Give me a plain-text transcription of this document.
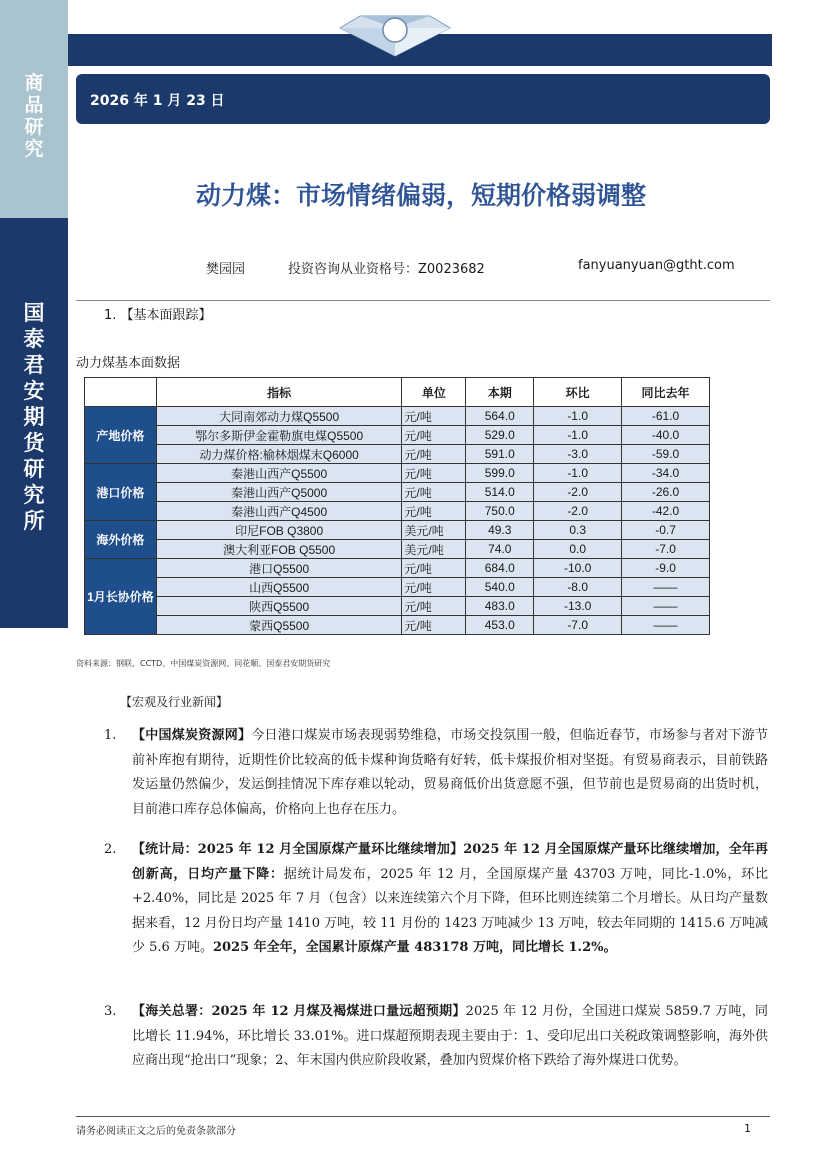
商
品
研
究
国
泰
君
安
期
货
研
究
所
2026 年 1 月 23 日
动力煤：市场情绪偏弱，短期价格弱调整
樊园园	投资咨询从业资格号：Z0023682	fanyuanyuan@gtht.com
1. 【基本面跟踪】
动力煤基本面数据
	指标	单位	本期	环比	同比去年
产地价格	大同南郊动力煤Q5500	元/吨	564.0	-1.0	-61.0
	鄂尔多斯伊金霍勒旗电煤Q5500	元/吨	529.0	-1.0	-40.0
	动力煤价格:榆林烟煤末Q6000	元/吨	591.0	-3.0	-59.0
港口价格	秦港山西产Q5500	元/吨	599.0	-1.0	-34.0
	秦港山西产Q5000	元/吨	514.0	-2.0	-26.0
	秦港山西产Q4500	元/吨	750.0	-2.0	-42.0
海外价格	印尼FOB Q3800	美元/吨	49.3	0.3	-0.7
	澳大利亚FOB Q5500	美元/吨	74.0	0.0	-7.0
1月长协价格	港口Q5500	元/吨	684.0	-10.0	-9.0
	山西Q5500	元/吨	540.0	-8.0	——
	陕西Q5500	元/吨	483.0	-13.0	——
	蒙西Q5500	元/吨	453.0	-7.0	——
资料来源：钢联、CCTD、中国煤炭资源网、同花顺、国泰君安期货研究
【宏观及行业新闻】
1. 【中国煤炭资源网】今日港口煤炭市场表现弱势维稳，市场交投氛围一般，但临近春节，市场参与者对下游节前补库抱有期待，近期性价比较高的低卡煤种询货略有好转，低卡煤报价相对坚挺。有贸易商表示，目前铁路发运量仍然偏少，发运倒挂情况下库存难以轮动，贸易商低价出货意愿不强，但节前也是贸易商的出货时机，目前港口库存总体偏高，价格向上也存在压力。
2. 【统计局：2025 年 12 月全国原煤产量环比继续增加】2025 年 12 月全国原煤产量环比继续增加，全年再创新高，日均产量下降：据统计局发布，2025 年 12 月，全国原煤产量 43703 万吨，同比-1.0%，环比+2.40%，同比是 2025 年 7 月（包含）以来连续第六个月下降，但环比则连续第二个月增长。从日均产量数据来看，12 月份日均产量 1410 万吨，较 11 月份的 1423 万吨减少 13 万吨，较去年同期的 1415.6 万吨减少 5.6 万吨。2025 年全年，全国累计原煤产量 483178 万吨，同比增长 1.2%。
3. 【海关总署：2025 年 12 月煤及褐煤进口量远超预期】2025 年 12 月份，全国进口煤炭 5859.7 万吨，同比增长 11.94%，环比增长 33.01%。进口煤超预期表现主要由于：1、受印尼出口关税政策调整影响，海外供应商出现“抢出口”现象；2、年末国内供应阶段收紧，叠加内贸煤价格下跌给了海外煤进口优势。
请务必阅读正文之后的免责条款部分	1
